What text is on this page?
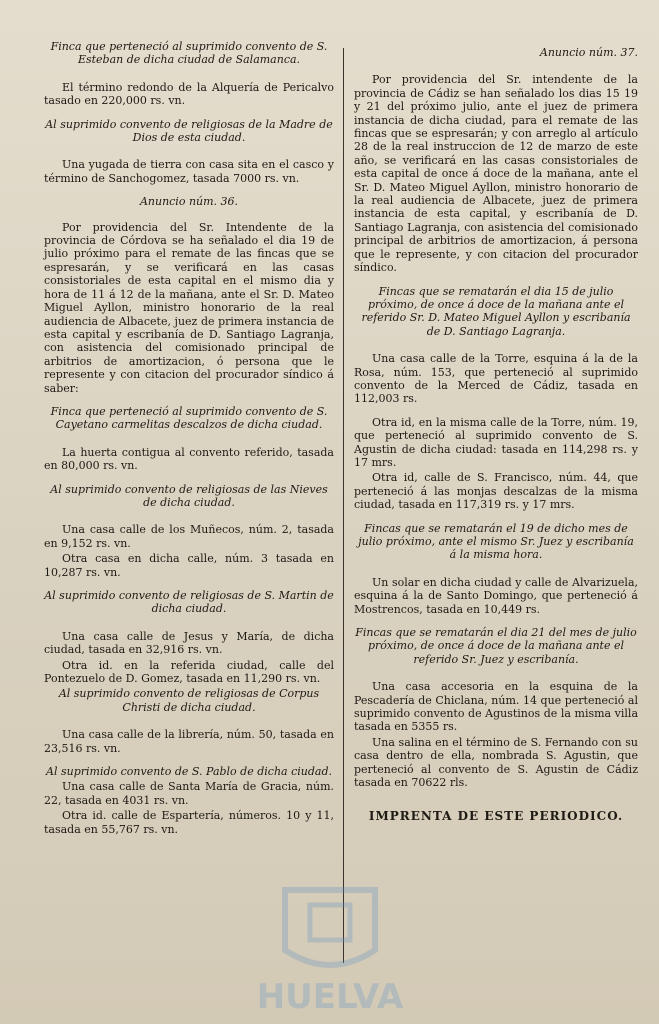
Finca que perteneció al suprimido convento de S. Esteban de dicha ciudad de Salamanca.

El término redondo de la Alquería de Pericalvo tasado en 220,000 rs. vn.

Al suprimido convento de religiosas de la Madre de Dios de esta ciudad.

Una yugada de tierra con casa sita en el casco y término de Sanchogomez, tasada 7000 rs. vn.

Anuncio núm. 36.

Por providencia del Sr. Intendente de la provincia de Córdova se ha señalado el dia 19 de julio próximo para el remate de las fincas que se espresarán, y se verificará en las casas consistoriales de esta capital en el mismo dia y hora de 11 á 12 de la mañana, ante el Sr. D. Mateo Miguel Ayllon, ministro honorario de la real audiencia de Albacete, juez de primera instancia de esta capital y escribanía de D. Santiago Lagranja, con asistencia del comisionado principal de arbitrios de amortizacion, ó persona que le represente y con citacion del procurador síndico á saber:

Finca que perteneció al suprimido convento de S. Cayetano carmelitas descalzos de dicha ciudad.

La huerta contigua al convento referido, tasada en 80,000 rs. vn.

Al suprimido convento de religiosas de las Nieves de dicha ciudad.

Una casa calle de los Muñecos, núm. 2, tasada en 9,152 rs. vn.

Otra casa en dicha calle, núm. 3 tasada en 10,287 rs. vn.

Al suprimido convento de religiosas de S. Martin de dicha ciudad.

Una casa calle de Jesus y María, de dicha ciudad, tasada en 32,916 rs. vn.

Otra id. en la referida ciudad, calle del Pontezuelo de D. Gomez, tasada en 11,290 rs. vn.

Al suprimido convento de religiosas de Corpus Christi de dicha ciudad.

Una casa calle de la librería, núm. 50, tasada en 23,516 rs. vn.

Al suprimido convento de S. Pablo de dicha ciudad.

Una casa calle de Santa María de Gracia, núm. 22, tasada en 4031 rs. vn.

Otra id. calle de Espartería, números. 10 y 11, tasada en 55,767 rs. vn.

Anuncio núm. 37.

Por providencia del Sr. intendente de la provincia de Cádiz se han señalado los dias 15 19 y 21 del próximo julio, ante el juez de primera instancia de dicha ciudad, para el remate de las fincas que se espresarán; y con arreglo al artículo 28 de la real instruccion de 12 de marzo de este año, se verificará en las casas consistoriales de esta capital de once á doce de la mañana, ante el Sr. D. Mateo Miguel Ayllon, ministro honorario de la real audiencia de Albacete, juez de primera instancia de esta capital, y escribanía de D. Santiago Lagranja, con asistencia del comisionado principal de arbitrios de amortizacion, á persona que le represente, y con citacion del procurador síndico.

Fincas que se rematarán el dia 15 de julio próximo, de once á doce de la mañana ante el referido Sr. D. Mateo Miguel Ayllon y escribanía de D. Santiago Lagranja.

Una casa calle de la Torre, esquina á la de la Rosa, núm. 153, que perteneció al suprimido convento de la Merced de Cádiz, tasada en 112,003 rs.

Otra id, en la misma calle de la Torre, núm. 19, que perteneció al suprimido convento de S. Agustin de dicha ciudad: tasada en 114,298 rs. y 17 mrs.

Otra id, calle de S. Francisco, núm. 44, que perteneció á las monjas descalzas de la misma ciudad, tasada en 117,319 rs. y 17 mrs.

Fincas que se rematarán el 19 de dicho mes de julio próximo, ante el mismo Sr. Juez y escribanía á la misma hora.

Un solar en dicha ciudad y calle de Alvarizuela, esquina á la de Santo Domingo, que perteneció á Mostrencos, tasada en 10,449 rs.

Fincas que se rematarán el dia 21 del mes de julio próximo, de once á doce de la mañana ante el referido Sr. Juez y escribanía.

Una casa accesoria en la esquina de la Pescadería de Chiclana, núm. 14 que perteneció al suprimido convento de Agustinos de la misma villa tasada en 5355 rs.

Una salina en el término de S. Fernando con su casa dentro de ella, nombrada S. Agustin, que perteneció al convento de S. Agustin de Cádiz tasada en 70622 rls.

IMPRENTA DE ESTE PERIODICO.
HUELVA
